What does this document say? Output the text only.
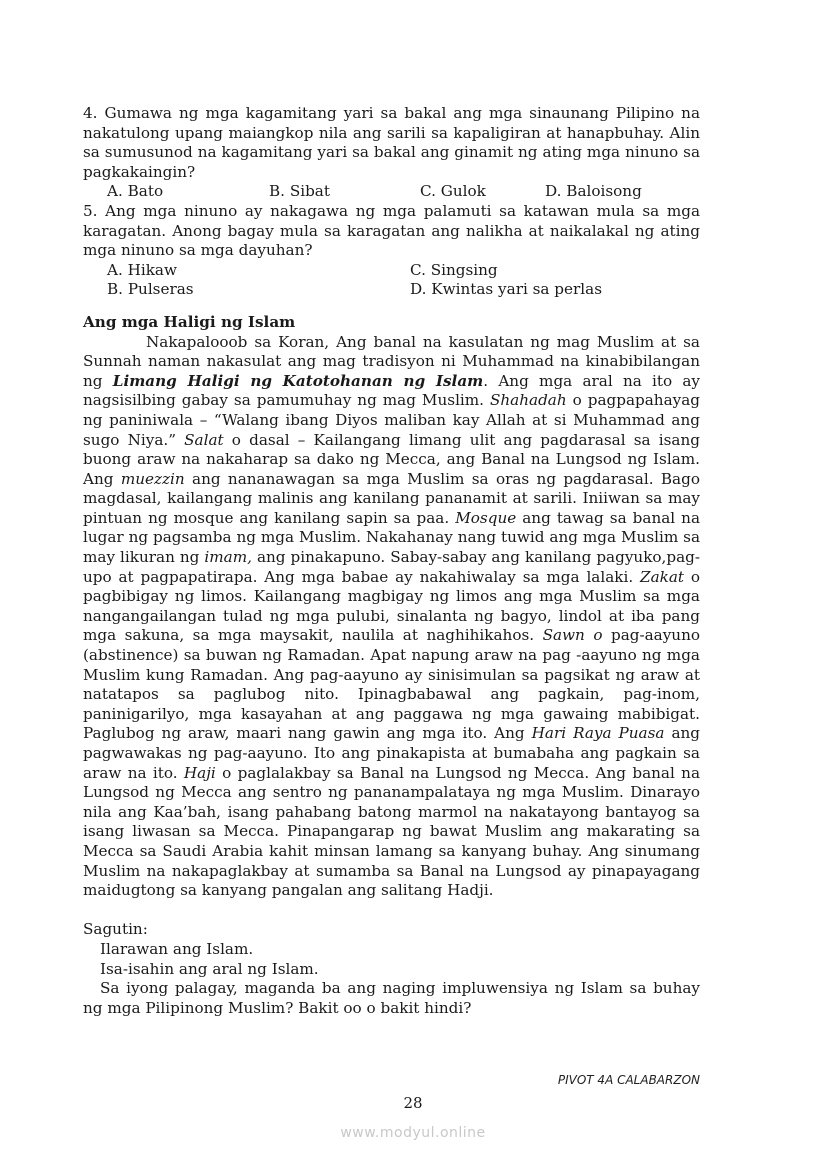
4. Gumawa ng mga kagamitang yari sa bakal ang mga sinaunang Pilipino na nakatulong upang maiangkop nila ang sarili sa kapaligiran at hanapbuhay. Alin sa sumusunod na kagamitang yari sa bakal ang ginamit ng ating mga ninuno sa pagkakaingin?

A. Bato	B. Sibat	C. Gulok	D. Baloisong

5. Ang mga ninuno ay nakagawa ng mga palamuti sa katawan mula sa mga karagatan. Anong bagay mula sa karagatan ang nalikha at naikalakal ng ating mga ninuno sa mga dayuhan?

A. Hikaw	C. Singsing
B. Pulseras	D. Kwintas yari sa perlas
Ang mga Haligi ng Islam

Nakapalooob sa Koran, Ang banal na kasulatan ng mag Muslim at sa Sunnah naman nakasulat ang mag tradisyon ni Muhammad na kinabibilangan ng Limang Haligi ng Katotohanan ng Islam. Ang mga aral na ito ay nagsisilbing gabay sa pamumuhay ng mag Muslim. Shahadah o pagpapahayag ng paniniwala – “Walang ibang Diyos maliban kay Allah at si Muhammad ang sugo Niya.” Salat o dasal – Kailangang limang ulit ang pagdarasal sa isang buong araw na nakaharap sa dako ng Mecca, ang Banal na Lungsod ng Islam. Ang muezzin ang nananawagan sa mga Muslim sa oras ng pagdarasal. Bago magdasal, kailangang malinis ang kanilang pananamit at sarili. Iniiwan sa may pintuan ng mosque ang kanilang sapin sa paa. Mosque ang tawag sa banal na lugar ng pagsamba ng mga Muslim. Nakahanay nang tuwid ang mga Muslim sa may likuran ng imam, ang pinakapuno. Sabay-sabay ang kanilang pagyuko,pag-upo at pagpapatirapa. Ang mga babae ay nakahiwalay sa mga lalaki. Zakat o pagbibigay ng limos. Kailangang magbigay ng limos ang mga Muslim sa mga nangangailangan tulad ng mga pulubi, sinalanta ng bagyo, lindol at iba pang mga sakuna, sa mga maysakit, naulila at naghihikahos. Sawn o pag-aayuno (abstinence) sa buwan ng Ramadan. Apat napung araw na pag -aayuno ng mga Muslim kung Ramadan. Ang pag-aayuno ay sinisimulan sa pagsikat ng araw at natatapos sa paglubog nito. Ipinagbabawal ang pagkain, pag-inom, paninigarilyo, mga kasayahan at ang paggawa ng mga gawaing mabibigat. Paglubog ng araw, maari nang gawin ang mga ito. Ang Hari Raya Puasa ang pagwawakas ng pag-aayuno. Ito ang pinakapista at bumabaha ang pagkain sa araw na ito. Haji o paglalakbay sa Banal na Lungsod ng Mecca. Ang banal na Lungsod ng Mecca ang sentro ng pananampalataya ng mga Muslim. Dinarayo nila ang Kaa’bah, isang pahabang batong marmol na nakatayong bantayog sa isang liwasan sa Mecca. Pinapangarap ng bawat Muslim ang makarating sa Mecca sa Saudi Arabia kahit minsan lamang sa kanyang buhay. Ang sinumang Muslim na nakapaglakbay at sumamba sa Banal na Lungsod ay pinapayagang maidugtong sa kanyang pangalan ang salitang Hadji.

Sagutin:

Ilarawan ang Islam.

Isa-isahin ang aral ng Islam.

Sa iyong palagay, maganda ba ang naging impluwensiya ng Islam sa buhay ng mga Pilipinong Muslim? Bakit oo o bakit hindi?

PIVOT 4A CALABARZON
28
www.modyul.online
